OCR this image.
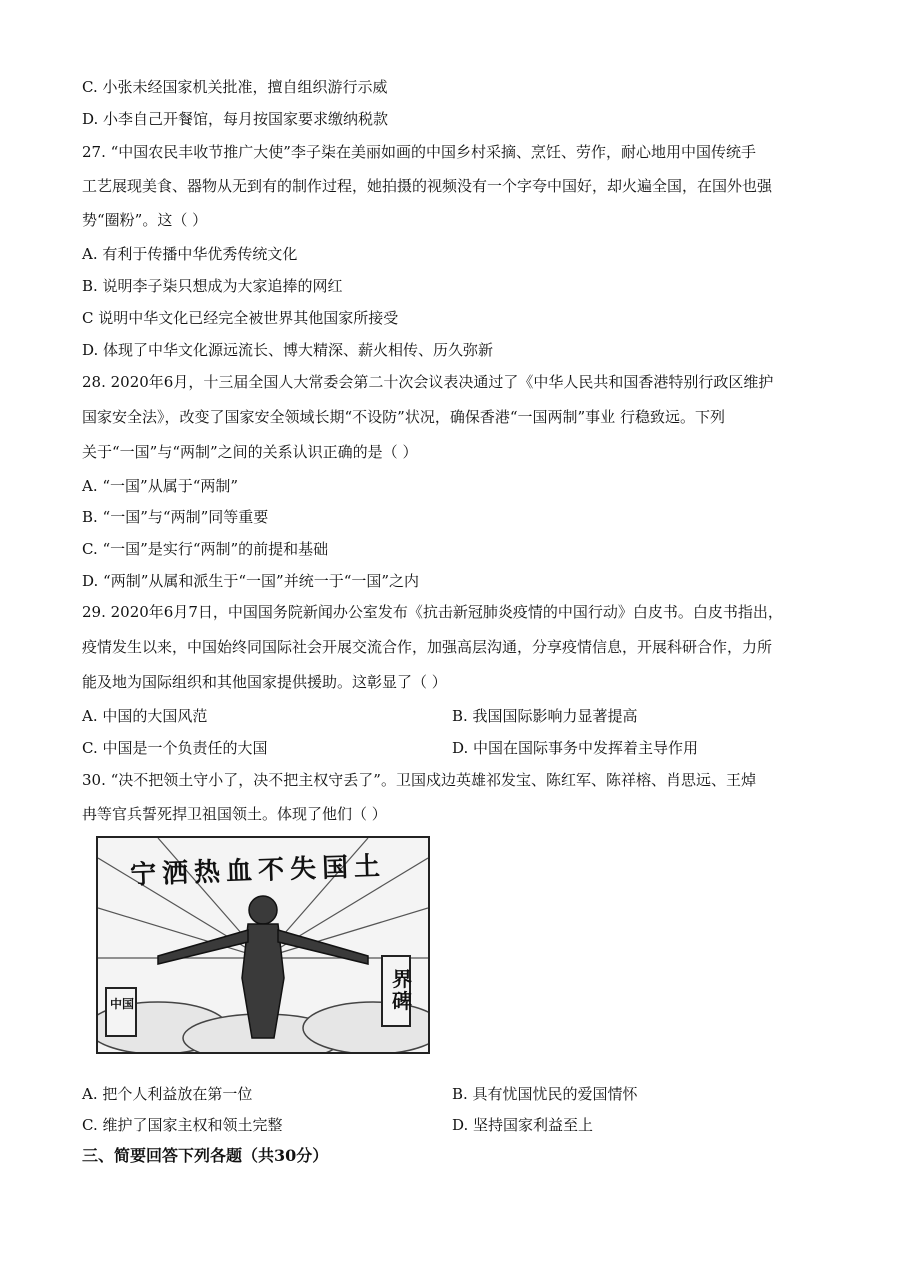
C. 小张未经国家机关批准，擅自组织游行示威
D. 小李自己开餐馆，每月按国家要求缴纳税款
27. “中国农民丰收节推广大使”李子柒在美丽如画的中国乡村采摘、烹饪、劳作，耐心地用中国传统手
工艺展现美食、器物从无到有的制作过程，她拍摄的视频没有一个字夸中国好，却火遍全国，在国外也强
势“圈粉”。这（ ）
A. 有利于传播中华优秀传统文化
B. 说明李子柒只想成为大家追捧的网红
C 说明中华文化已经完全被世界其他国家所接受
D. 体现了中华文化源远流长、博大精深、薪火相传、历久弥新
28. 2020年6月，十三届全国人大常委会第二十次会议表决通过了《中华人民共和国香港特别行政区维护
国家安全法》，改变了国家安全领域长期“不设防”状况，确保香港“一国两制”事业 行稳致远。下列
关于“一国”与“两制”之间的关系认识正确的是（ ）
A. “一国”从属于“两制”
B. “一国”与“两制”同等重要
C. “一国”是实行“两制”的前提和基础
D. “两制”从属和派生于“一国”并统一于“一国”之内
29. 2020年6月7日，中国国务院新闻办公室发布《抗击新冠肺炎疫情的中国行动》白皮书。白皮书指出，
疫情发生以来，中国始终同国际社会开展交流合作，加强高层沟通，分享疫情信息，开展科研合作，力所
能及地为国际组织和其他国家提供援助。这彰显了（ ）
A. 中国的大国风范	B. 我国国际影响力显著提高
C. 中国是一个负责任的大国	D. 中国在国际事务中发挥着主导作用
30. “决不把领土守小了，决不把主权守丢了”。卫国戍边英雄祁发宝、陈红军、陈祥榕、肖思远、王焯
冉等官兵誓死捍卫祖国领土。体现了他们（ ）
宁洒热血不失国土
界碑
中国
A. 把个人利益放在第一位	B. 具有忧国忧民的爱国情怀
C. 维护了国家主权和领土完整	D. 坚持国家利益至上
三、简要回答下列各题（共30分）
